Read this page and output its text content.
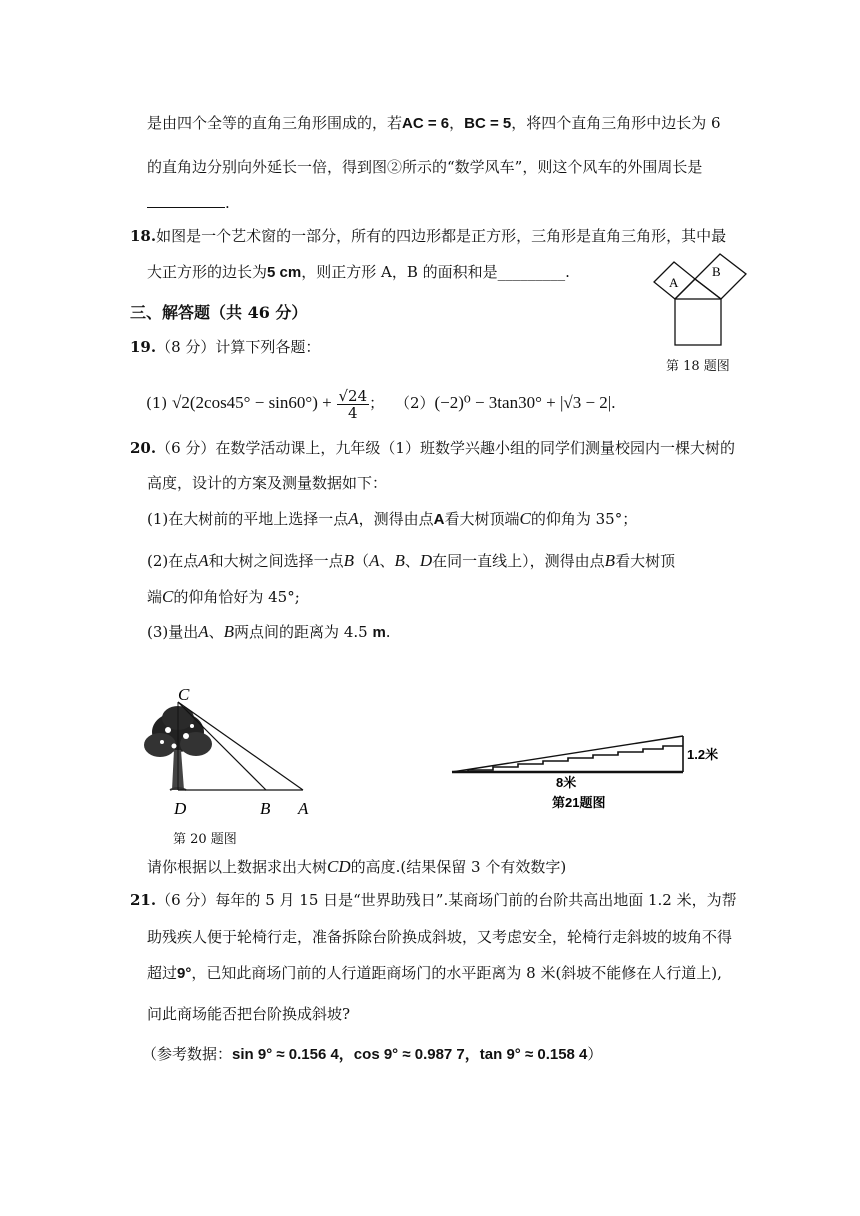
是由四个全等的直角三角形围成的，若AC = 6，BC = 5，将四个直角三角形中边长为 6
的直角边分别向外延长一倍，得到图②所示的“数学风车”，则这个风车的外围周长是
.
18.如图是一个艺术窗的一部分，所有的四边形都是正方形，三角形是直角三角形，其中最
大正方形的边长为5 cm，则正方形 A，B 的面积和是_________.
A
B
第 18 题图
三、解答题（共 46 分）
19.（8 分）计算下列各题：
(1) $√2(2\cos 45^\circ - \sin 60^\circ) + \frac{√24}{4}$ ； （2）(−2)⁰ − 3tan30° + |√3 − 2|.
20.（6 分）在数学活动课上，九年级（1）班数学兴趣小组的同学们测量校园内一棵大树的
高度，设计的方案及测量数据如下：
(1)在大树前的平地上选择一点A，测得由点A看大树顶端C的仰角为 35°；
(2)在点A和大树之间选择一点B（A、B、D在同一直线上），测得由点B看大树顶
端C的仰角恰好为 45°;
(3)量出A、B两点间的距离为 4.5 m.
C
D	B A
第 20 题图
1.2米
8米
第21题图
请你根据以上数据求出大树CD的高度.(结果保留 3 个有效数字)
21.（6 分）每年的 5 月 15 日是“世界助残日”.某商场门前的台阶共高出地面 1.2 米，为帮
助残疾人便于轮椅行走，准备拆除台阶换成斜坡，又考虑安全，轮椅行走斜坡的坡角不得
超过9°，已知此商场门前的人行道距商场门的水平距离为 8 米(斜坡不能修在人行道上),
问此商场能否把台阶换成斜坡?
（参考数据：sin 9° ≈ 0.156 4，cos 9° ≈ 0.987 7，tan 9° ≈ 0.158 4）
